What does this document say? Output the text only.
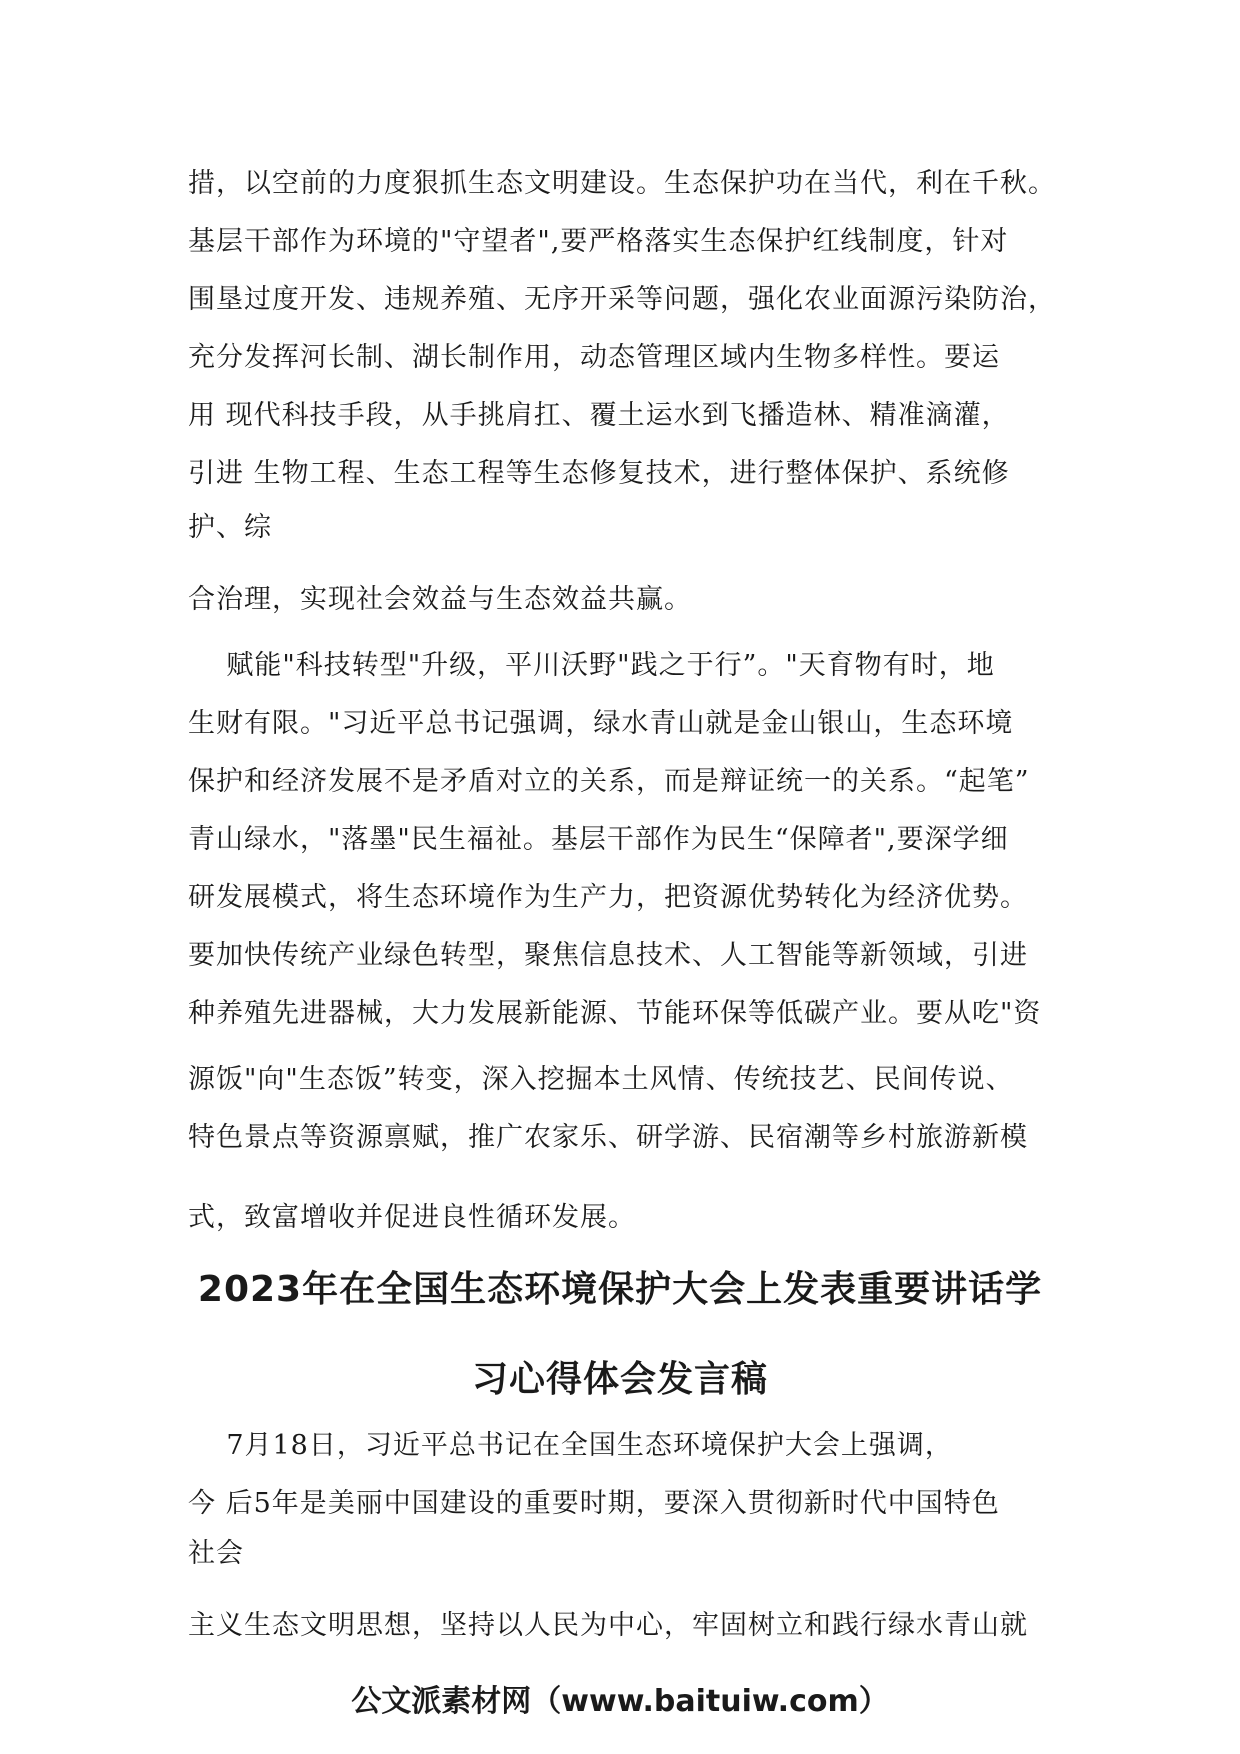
措，以空前的力度狠抓生态文明建设。生态保护功在当代，利在千秋。
基层干部作为环境的"守望者",要严格落实生态保护红线制度，针对
围垦过度开发、违规养殖、无序开采等问题，强化农业面源污染防治，
充分发挥河长制、湖长制作用，动态管理区域内生物多样性。要运
用 现代科技手段，从手挑肩扛、覆土运水到飞播造林、精准滴灌，
引进 生物工程、生态工程等生态修复技术，进行整体保护、系统修
护、综
合治理，实现社会效益与生态效益共赢。
赋能"科技转型"升级，平川沃野"践之于行”。"天育物有时，地
生财有限。"习近平总书记强调，绿水青山就是金山银山，生态环境
保护和经济发展不是矛盾对立的关系，而是辩证统一的关系。“起笔”
青山绿水，"落墨"民生福祉。基层干部作为民生“保障者",要深学细
研发展模式，将生态环境作为生产力，把资源优势转化为经济优势。
要加快传统产业绿色转型，聚焦信息技术、人工智能等新领域，引进
种养殖先进器械，大力发展新能源、节能环保等低碳产业。要从吃"资
源饭"向"生态饭”转变，深入挖掘本土风情、传统技艺、民间传说、
特色景点等资源禀赋，推广农家乐、研学游、民宿潮等乡村旅游新模
式，致富增收并促进良性循环发展。
2023年在全国生态环境保护大会上发表重要讲话学
习心得体会发言稿
7月18日，习近平总书记在全国生态环境保护大会上强调，
今 后5年是美丽中国建设的重要时期，要深入贯彻新时代中国特色
社会
主义生态文明思想，坚持以人民为中心，牢固树立和践行绿水青山就
公文派素材网（www.baituiw.com）
